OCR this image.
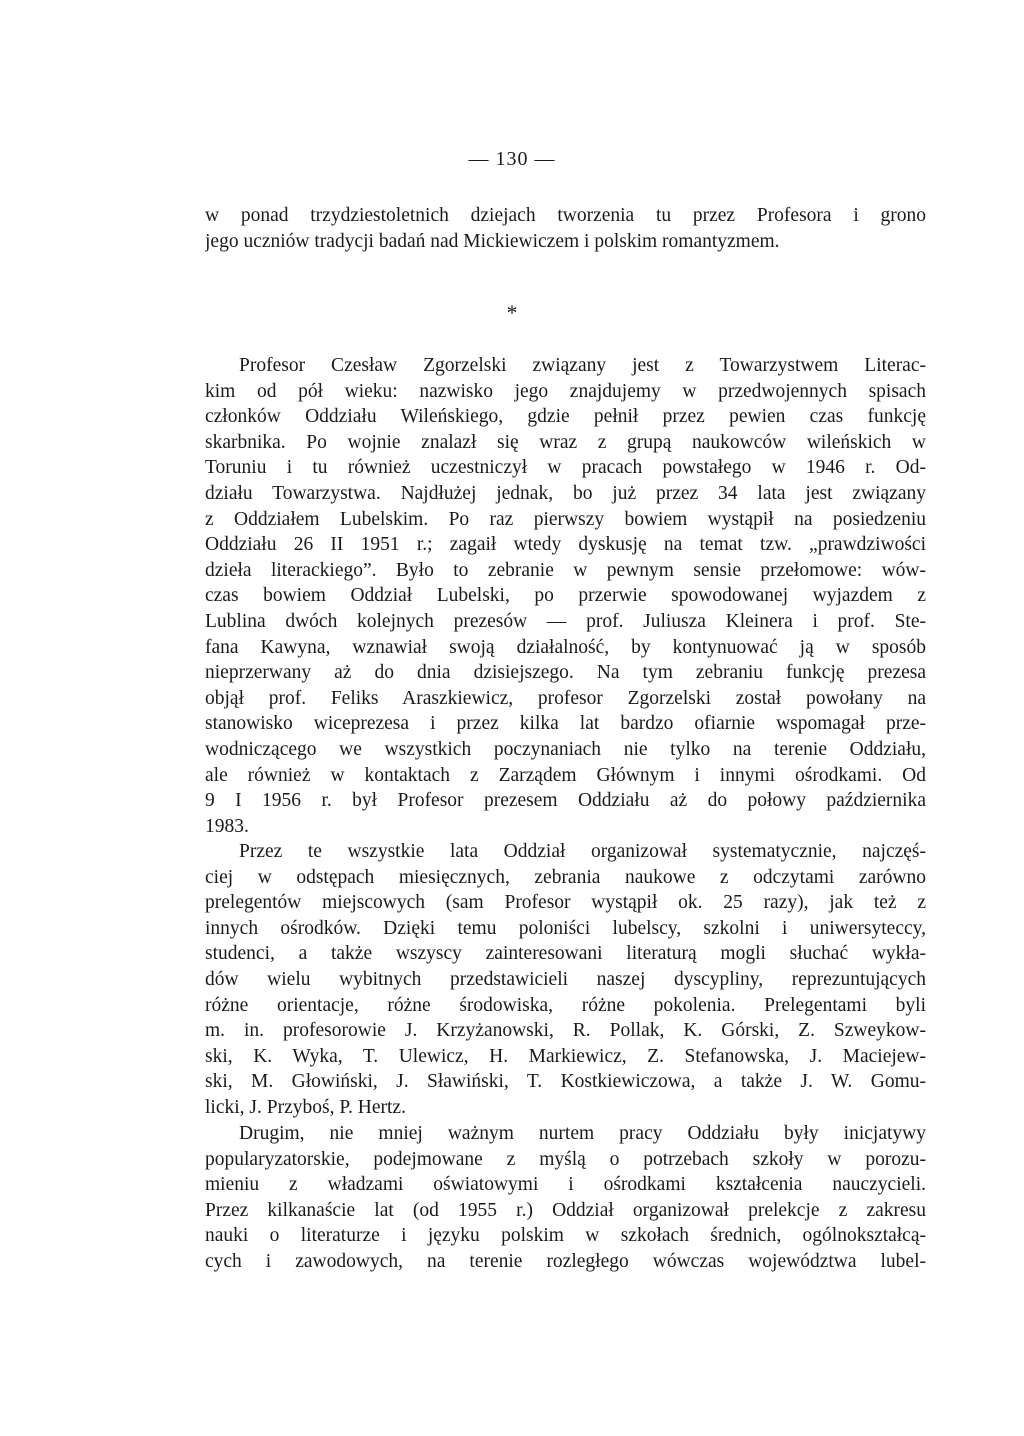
— 130 —
w ponad trzydziestoletnich dziejach tworzenia tu przez Profesora i grono
jego uczniów tradycji badań nad Mickiewiczem i polskim romantyzmem.
*
Profesor Czesław Zgorzelski związany jest z Towarzystwem Literac-
kim od pół wieku: nazwisko jego znajdujemy w przedwojennych spisach
członków Oddziału Wileńskiego, gdzie pełnił przez pewien czas funkcję
skarbnika. Po wojnie znalazł się wraz z grupą naukowców wileńskich w
Toruniu i tu również uczestniczył w pracach powstałego w 1946 r. Od-
działu Towarzystwa. Najdłużej jednak, bo już przez 34 lata jest związany
z Oddziałem Lubelskim. Po raz pierwszy bowiem wystąpił na posiedzeniu
Oddziału 26 II 1951 r.; zagaił wtedy dyskusję na temat tzw. „prawdziwości
dzieła literackiego”. Było to zebranie w pewnym sensie przełomowe: wów-
czas bowiem Oddział Lubelski, po przerwie spowodowanej wyjazdem z
Lublina dwóch kolejnych prezesów — prof. Juliusza Kleinera i prof. Ste-
fana Kawyna, wznawiał swoją działalność, by kontynuować ją w sposób
nieprzerwany aż do dnia dzisiejszego. Na tym zebraniu funkcję prezesa
objął prof. Feliks Araszkiewicz, profesor Zgorzelski został powołany na
stanowisko wiceprezesa i przez kilka lat bardzo ofiarnie wspomagał prze-
wodniczącego we wszystkich poczynaniach nie tylko na terenie Oddziału,
ale również w kontaktach z Zarządem Głównym i innymi ośrodkami. Od
9 I 1956 r. był Profesor prezesem Oddziału aż do połowy października
1983.
Przez te wszystkie lata Oddział organizował systematycznie, najczęś-
ciej w odstępach miesięcznych, zebrania naukowe z odczytami zarówno
prelegentów miejscowych (sam Profesor wystąpił ok. 25 razy), jak też z
innych ośrodków. Dzięki temu poloniści lubelscy, szkolni i uniwersyteccy,
studenci, a także wszyscy zainteresowani literaturą mogli słuchać wykła-
dów wielu wybitnych przedstawicieli naszej dyscypliny, reprezuntujących
różne orientacje, różne środowiska, różne pokolenia. Prelegentami byli
m. in. profesorowie J. Krzyżanowski, R. Pollak, K. Górski, Z. Szweykow-
ski, K. Wyka, T. Ulewicz, H. Markiewicz, Z. Stefanowska, J. Maciejew-
ski, M. Głowiński, J. Sławiński, T. Kostkiewiczowa, a także J. W. Gomu-
licki, J. Przyboś, P. Hertz.
Drugim, nie mniej ważnym nurtem pracy Oddziału były inicjatywy
popularyzatorskie, podejmowane z myślą o potrzebach szkoły w porozu-
mieniu z władzami oświatowymi i ośrodkami kształcenia nauczycieli.
Przez kilkanaście lat (od 1955 r.) Oddział organizował prelekcje z zakresu
nauki o literaturze i języku polskim w szkołach średnich, ogólnokształcą-
cych i zawodowych, na terenie rozległego wówczas województwa lubel-
